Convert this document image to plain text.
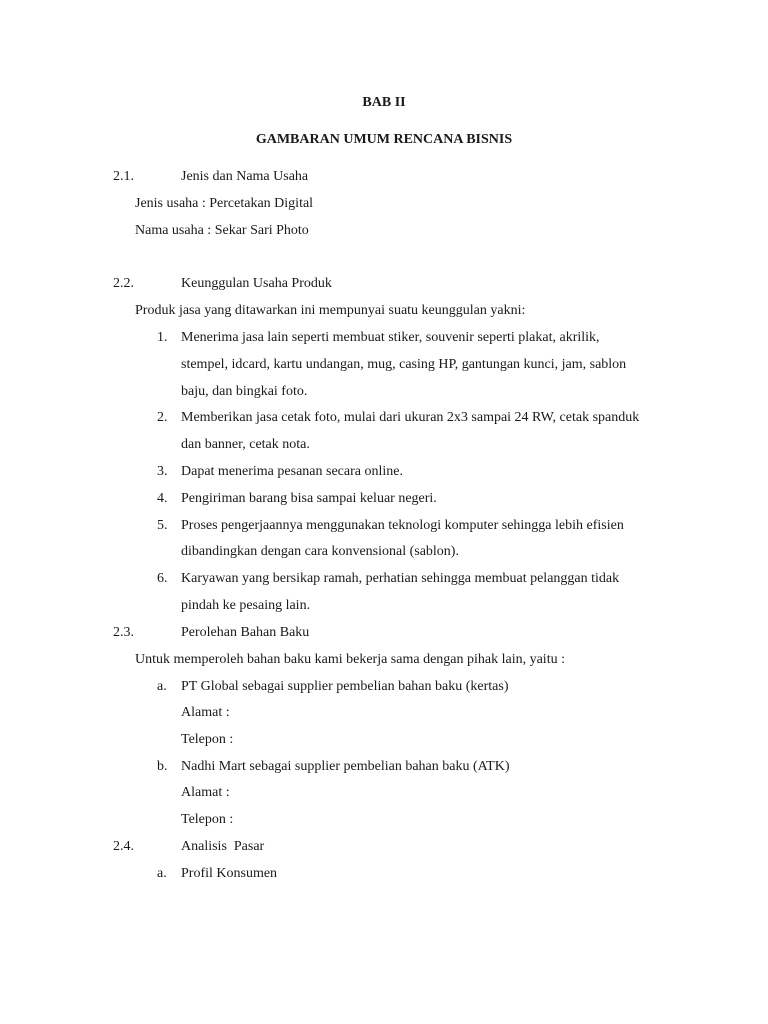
BAB II
GAMBARAN UMUM RENCANA BISNIS
2.1.	Jenis dan Nama Usaha
Jenis usaha : Percetakan Digital
Nama usaha : Sekar Sari Photo
2.2.	Keunggulan Usaha Produk
Produk jasa yang ditawarkan ini mempunyai suatu keunggulan yakni:
1. Menerima jasa lain seperti membuat stiker, souvenir seperti plakat, akrilik,
stempel, idcard, kartu undangan, mug, casing HP, gantungan kunci, jam, sablon
baju, dan bingkai foto.
2. Memberikan jasa cetak foto, mulai dari ukuran 2x3 sampai 24 RW, cetak spanduk
dan banner, cetak nota.
3. Dapat menerima pesanan secara online.
4. Pengiriman barang bisa sampai keluar negeri.
5. Proses pengerjaannya menggunakan teknologi komputer sehingga lebih efisien
dibandingkan dengan cara konvensional (sablon).
6. Karyawan yang bersikap ramah, perhatian sehingga membuat pelanggan tidak
pindah ke pesaing lain.
2.3.	Perolehan Bahan Baku
Untuk memperoleh bahan baku kami bekerja sama dengan pihak lain, yaitu :
a. PT Global sebagai supplier pembelian bahan baku (kertas)
Alamat :
Telepon :
b. Nadhi Mart sebagai supplier pembelian bahan baku (ATK)
Alamat :
Telepon :
2.4.	Analisis  Pasar
a. Profil Konsumen
